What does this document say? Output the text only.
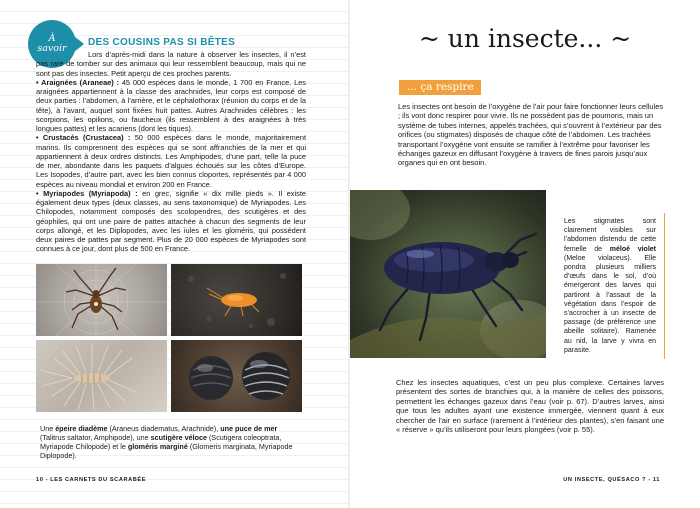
À
savoir
DES COUSINS PAS SI BÊTES

Lors d’après-midi dans la nature à observer les insectes, il n’est pas rare de tomber sur des animaux qui leur ressemblent beaucoup, mais qui ne sont pas des insectes. Petit aperçu de ces proches parents.

• Araignées (Araneae) : 45 000 espèces dans le monde, 1 700 en France. Les araignées appartiennent à la classe des arachnides, leur corps est composé de deux parties : l’abdomen, à l’arrière, et le céphalothorax (réunion du corps et de la tête), à l’avant, auquel sont fixées huit pattes. Autres Arachnides célèbres : les scorpions, les opilions, ou faucheux (ils ressemblent à des araignées à très longues pattes) et les acariens (dont les tiques).

• Crustacés (Crustacea) : 50 000 espèces dans le monde, majoritairement marins. Ils comprennent des espèces qui se sont affranchies de la mer et qui appartiennent à deux ordres distincts. Les Amphipodes, d’une part, telle la puce de mer, abondante dans les paquets d’algues échoués sur les côtes d’Europe. Les Isopodes, d’autre part, avec les bien connus cloportes, représentés par 4 000 espèces au niveau mondial et environ 200 en France.

• Myriapodes (Myriapoda) : en grec, signifie « dix mille pieds ». Il existe également deux types (deux classes, au sens taxonomique) de Myriapodes. Les Chilopodes, notamment composés des scolopendres, des scutigères et des géophiles, qui ont une paire de pattes attachée à chacun des segments de leur corps allongé, et les Diplopodes, avec les iules et les gloméris, qui possèdent deux paires de pattes par segment. Plus de 20 000 espèces de Myriapodes sont connues à ce jour, dont plus de 500 en France.

Une épeire diadème (Araneus diadematus, Arachnide), une puce de mer (Talitrus saltator, Amphipode), une scutigère véloce (Scutigera coleoptrata, Myriapode Chilopode) et le gloméris marginé (Glomeris marginata, Myriapode Diplopode).

10 - LES CARNETS DU SCARABÉE
~ un insecte... ~
... ça respire

Les insectes ont besoin de l’oxygène de l’air pour faire fonctionner leurs cellules ; ils vont donc respirer pour vivre. Ils ne possèdent pas de poumons, mais un système de tubes internes, appelés trachées, qui s’ouvrent à l’extérieur par des orifices (ou stigmates) disposés de chaque côté de l’abdomen. Les trachées transportant l’oxygène vont ensuite se ramifier à l’extrême pour favoriser les échanges gazeux en diffusant l’oxygène à travers de fines parois jusqu’aux organes qui en ont besoin.

Les stigmates sont clairement visibles sur l’abdomen distendu de cette femelle de méloé violet (Meloe violaceus). Elle pondra plusieurs milliers d’œufs dans le sol, d’où émergeront des larves qui partiront à l’assaut de la végétation dans l’espoir de s’accrocher à un insecte de passage (de préférence une abeille solitaire). Ramenée au nid, la larve y vivra en parasite.

Chez les insectes aquatiques, c’est un peu plus complexe. Certaines larves présentent des sortes de branchies qui, à la manière de celles des poissons, permettent les échanges gazeux dans l’eau (voir p. 67). D’autres larves, ainsi que tous les adultes ayant une existence immergée, viennent quant à eux chercher de l’air en surface (rarement à l’intérieur des plantes), s’en faisant une « réserve » qu’ils utiliseront pour leurs plongées (voir p. 55).

UN INSECTE, QUÉSACO ? - 11
